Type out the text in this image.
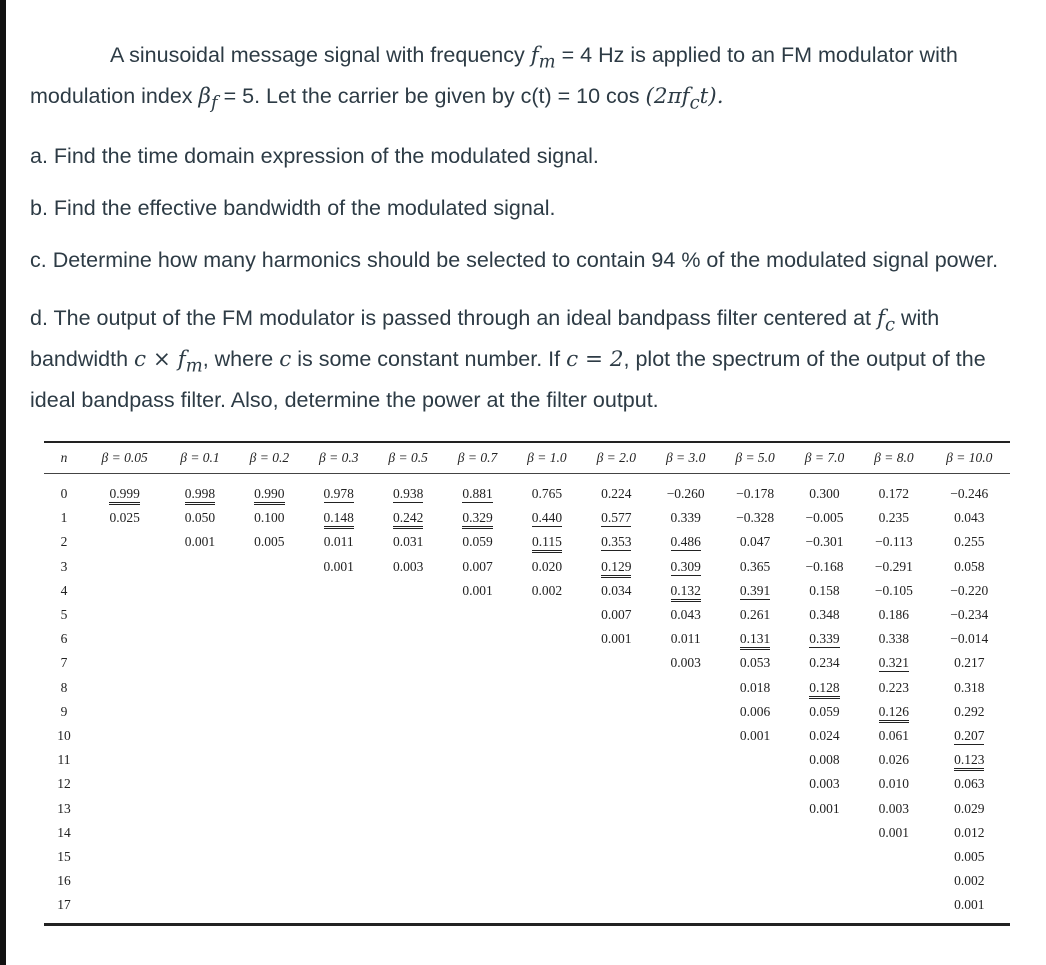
A sinusoidal message signal with frequency $f_m = 4$ Hz is applied to an FM modulator with modulation index $\beta_f = 5$. Let the carrier be given by c(t) = 10 $\cos (2\pi f_ct)$.

a. Find the time domain expression of the modulated signal.

b. Find the effective bandwidth of the modulated signal.

c. Determine how many harmonics should be selected to contain 94 % of the modulated signal power.

d. The output of the FM modulator is passed through an ideal bandpass filter centered at $f_c$ with bandwidth $c \times f_m$, where c is some constant number. If c = 2, plot the spectrum of the output of the ideal bandpass filter. Also, determine the power at the filter output.

n	β = 0.05	β = 0.1	β = 0.2	β = 0.3	β = 0.5	β = 0.7	β = 1.0	β = 2.0	β = 3.0	β = 5.0	β = 7.0	β = 8.0	β = 10.0
0	0.999	0.998	0.990	0.978	0.938	0.881	0.765	0.224	−0.260	−0.178	0.300	0.172	−0.246
1	0.025	0.050	0.100	0.148	0.242	0.329	0.440	0.577	0.339	−0.328	−0.005	0.235	0.043
2		0.001	0.005	0.011	0.031	0.059	0.115	0.353	0.486	0.047	−0.301	−0.113	0.255
3				0.001	0.003	0.007	0.020	0.129	0.309	0.365	−0.168	−0.291	0.058
4						0.001	0.002	0.034	0.132	0.391	0.158	−0.105	−0.220
5								0.007	0.043	0.261	0.348	0.186	−0.234
6								0.001	0.011	0.131	0.339	0.338	−0.014
7									0.003	0.053	0.234	0.321	0.217
8										0.018	0.128	0.223	0.318
9										0.006	0.059	0.126	0.292
10										0.001	0.024	0.061	0.207
11											0.008	0.026	0.123
12											0.003	0.010	0.063
13											0.001	0.003	0.029
14												0.001	0.012
15													0.005
16													0.002
17													0.001
